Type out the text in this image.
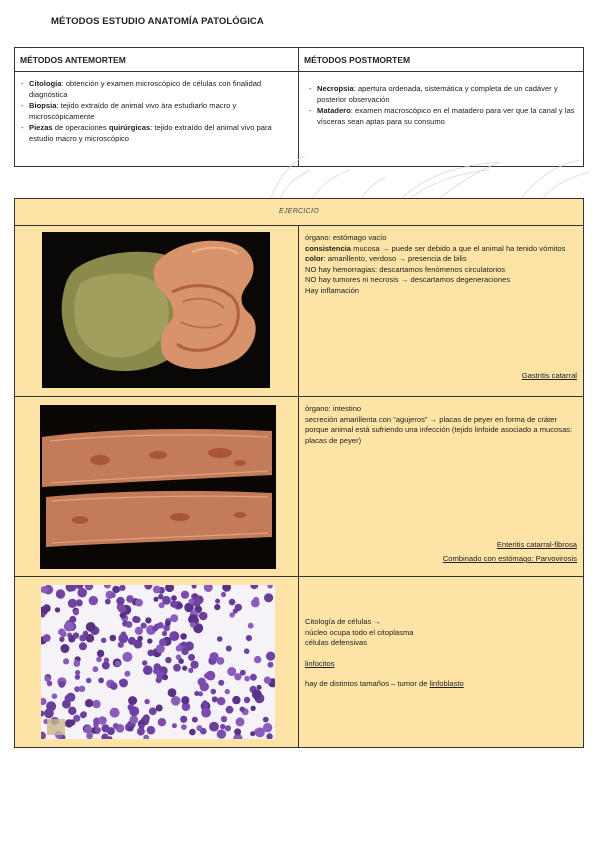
MÉTODOS ESTUDIO ANATOMÍA PATOLÓGICA
MÉTODOS ANTEMORTEM
- Citología: obtención y examen microscópico de células con finalidad diagnóstica
- Biopsia: tejido extraído de animal vivo àra estudiarlo macro y microscópicamente
- Piezas de operaciones quirúrgicas: tejido extraído del animal vivo para estudio macro y microscópico
MÉTODOS POSTMORTEM
- Necropsia: apertura ordenada, sistemática y completa de un cadáver y posterior observación
- Matadero: examen macroscópico en el matadero para ver que la canal y las vísceras sean aptas para su consumo
EJERCICIO

órgano: estómago vacío

consistencia mucosa → puede ser debido a que el animal ha tenido vómitos

color: amarillento, verdoso → presencia de bilis

NO hay hemorragias: descartamos fenómenos circulatorios

NO hay tumores ni necrosis → descartamos degeneraciones

Hay inflamación

Gastritis catarral

órgano: intestino

secreción amarillenta con “agujeros” → placas de peyer en forma de cráter porque animal está sufriendo una infección (tejido linfoide asociado a mucosas: placas de peyer)

Enteritis catarral-fibrosa
Combinado con estómago: Parvovirosis

Citología de células →

núcleo ocupa todo el citoplasma

células defensivas

linfocitos

hay de distintos tamaños – tumor de linfoblasto
